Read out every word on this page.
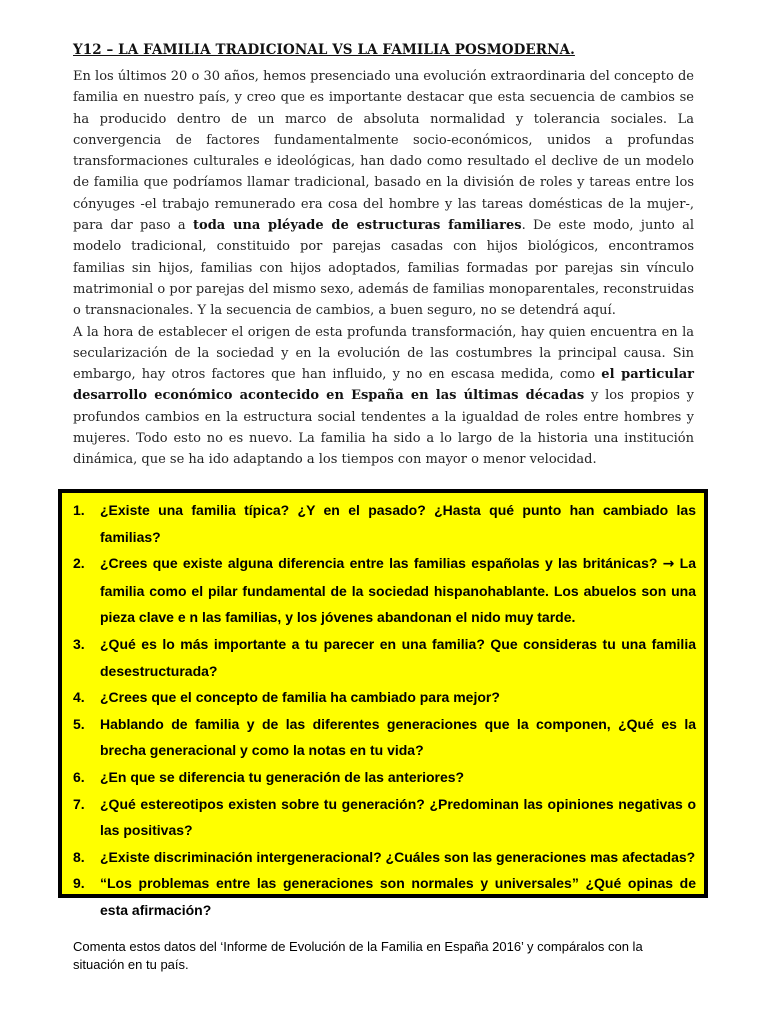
Y12 – LA FAMILIA TRADICIONAL VS LA FAMILIA POSMODERNA.

En los últimos 20 o 30 años, hemos presenciado una evolución extraordinaria del concepto de familia en nuestro país, y creo que es importante destacar que esta secuencia de cambios se ha producido dentro de un marco de absoluta normalidad y tolerancia sociales. La convergencia de factores fundamentalmente socio-económicos, unidos a profundas transformaciones culturales e ideológicas, han dado como resultado el declive de un modelo de familia que podríamos llamar tradicional, basado en la división de roles y tareas entre los cónyuges -el trabajo remunerado era cosa del hombre y las tareas domésticas de la mujer-, para dar paso a toda una pléyade de estructuras familiares. De este modo, junto al modelo tradicional, constituido por parejas casadas con hijos biológicos, encontramos familias sin hijos, familias con hijos adoptados, familias formadas por parejas sin vínculo matrimonial o por parejas del mismo sexo, además de familias monoparentales, reconstruidas o transnacionales. Y la secuencia de cambios, a buen seguro, no se detendrá aquí.

A la hora de establecer el origen de esta profunda transformación, hay quien encuentra en la secularización de la sociedad y en la evolución de las costumbres la principal causa. Sin embargo, hay otros factores que han influido, y no en escasa medida, como el particular desarrollo económico acontecido en España en las últimas décadas y los propios y profundos cambios en la estructura social tendentes a la igualdad de roles entre hombres y mujeres. Todo esto no es nuevo. La familia ha sido a lo largo de la historia una institución dinámica, que se ha ido adaptando a los tiempos con mayor o menor velocidad.

1. ¿Existe una familia típica? ¿Y en el pasado? ¿Hasta qué punto han cambiado las familias?
2. ¿Crees que existe alguna diferencia entre las familias españolas y las británicas? → La familia como el pilar fundamental de la sociedad hispanohablante. Los abuelos son una pieza clave e n las familias, y los jóvenes abandonan el nido muy tarde.
3. ¿Qué es lo más importante a tu parecer en una familia? Que consideras tu una familia desestructurada?
4. ¿Crees que el concepto de familia ha cambiado para mejor?
5. Hablando de familia y de las diferentes generaciones que la componen, ¿Qué es la brecha generacional y como la notas en tu vida?
6. ¿En que se diferencia tu generación de las anteriores?
7. ¿Qué estereotipos existen sobre tu generación? ¿Predominan las opiniones negativas o las positivas?
8. ¿Existe discriminación intergeneracional? ¿Cuáles son las generaciones mas afectadas?
9. “Los problemas entre las generaciones son normales y universales” ¿Qué opinas de esta afirmación?
Comenta estos datos del ‘Informe de Evolución de la Familia en España 2016’ y compáralos con la situación en tu país.
